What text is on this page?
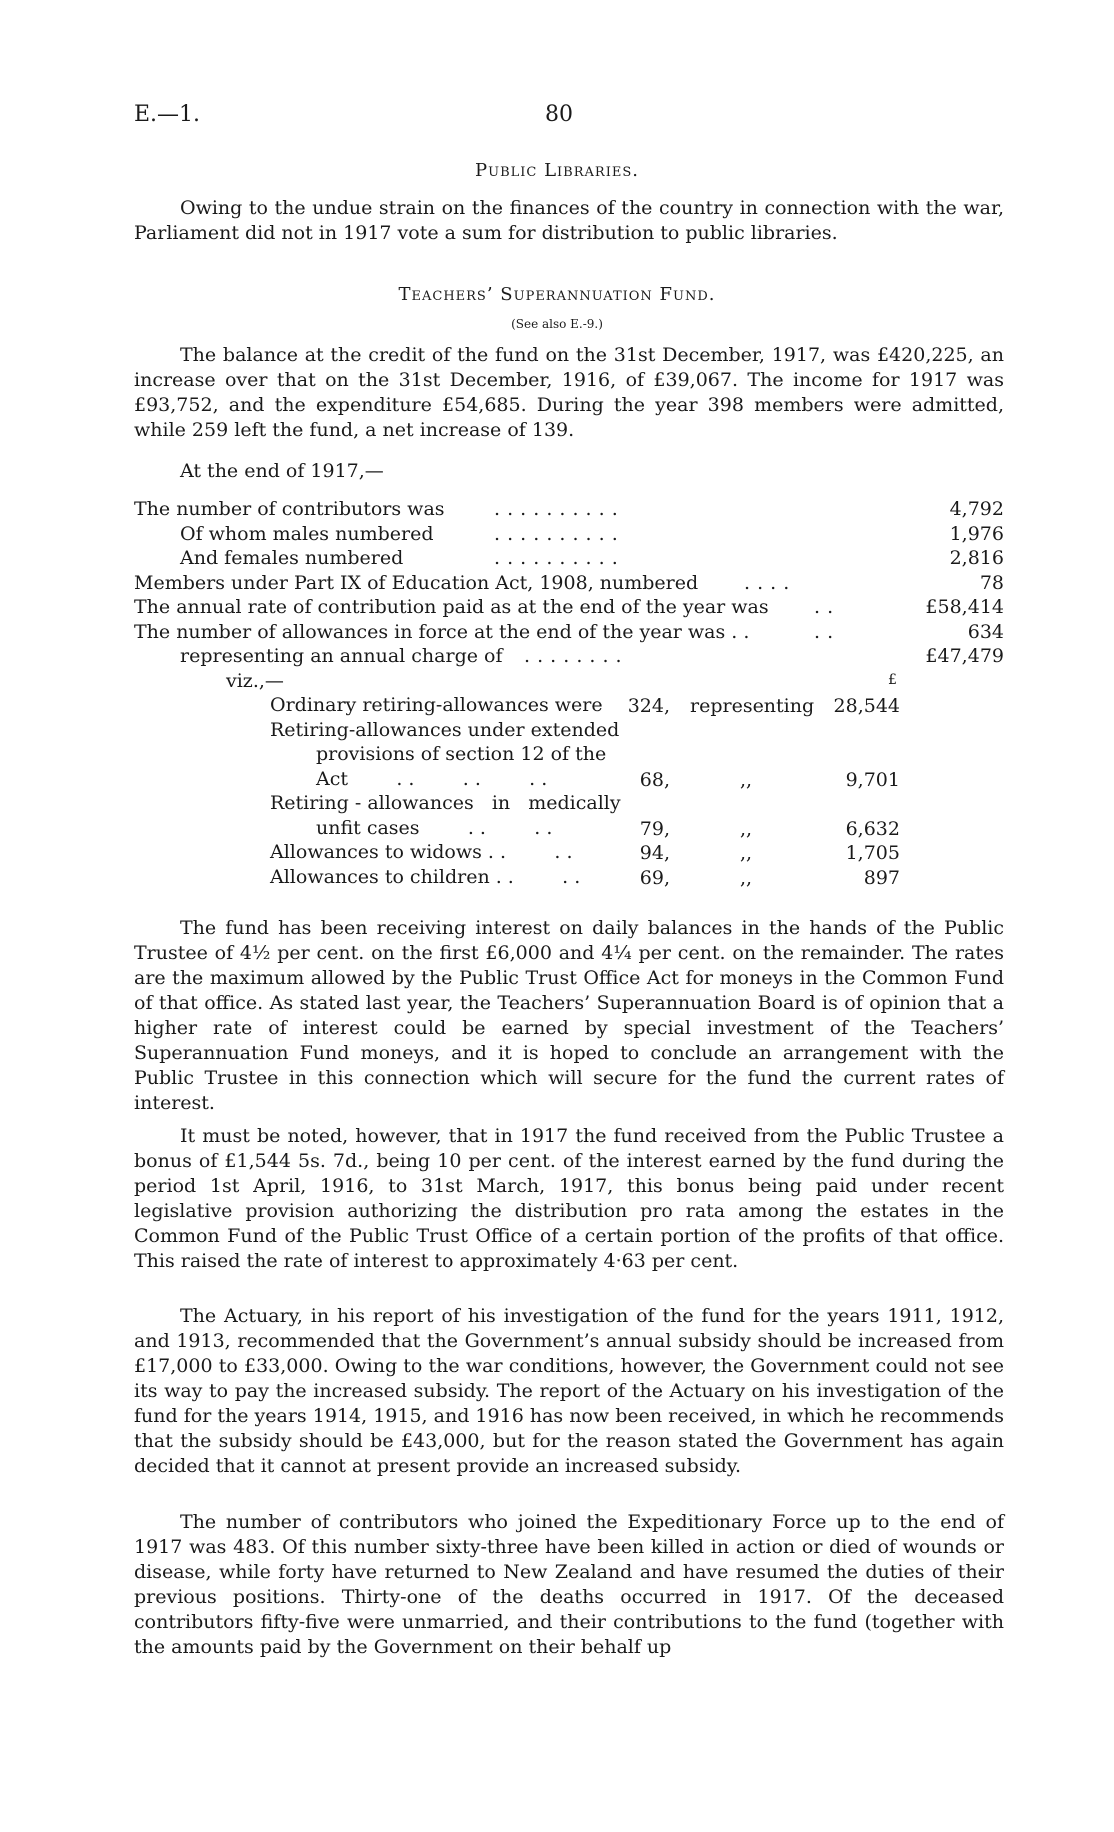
E.—1.	80
Public Libraries.
Owing to the undue strain on the finances of the country in connection with the war, Parliament did not in 1917 vote a sum for distribution to public libraries.
Teachers’ Superannuation Fund.
(See also E.-9.)
The balance at the credit of the fund on the 31st December, 1917, was £420,225, an increase over that on the 31st December, 1916, of £39,067. The income for 1917 was £93,752, and the expenditure £54,685. During the year 398 members were admitted, while 259 left the fund, a net increase of 139.
At the end of 1917,—
The number of contributors was	. . . . . . . . . .	4,792
Of whom males numbered	. . . . . . . . . .	1,976
And females numbered	. . . . . . . . . .	2,816
Members under Part IX of Education Act, 1908, numbered . . . .	78
The annual rate of contribution paid as at the end of the year was . .	£58,414
The number of allowances in force at the end of the year was . .	. .	634
representing an annual charge of . . . . . . . .	£47,479
viz.,—	£
Ordinary retiring-allowances were	324, representing 28,544
Retiring-allowances under extended
provisions of section 12 of the
Act        . .        . .        . .	68,	,,	9,701
Retiring - allowances   in   medically
unfit cases        . .        . .	79,	,,	6,632
Allowances to widows . .        . .	94,	,,	1,705
Allowances to children . .        . .	69,	,,	897
The fund has been receiving interest on daily balances in the hands of the Public Trustee of 4½ per cent. on the first £6,000 and 4¼ per cent. on the remainder. The rates are the maximum allowed by the Public Trust Office Act for moneys in the Common Fund of that office. As stated last year, the Teachers’ Superannuation Board is of opinion that a higher rate of interest could be earned by special investment of the Teachers’ Superannuation Fund moneys, and it is hoped to conclude an arrangement with the Public Trustee in this connection which will secure for the fund the current rates of interest.
It must be noted, however, that in 1917 the fund received from the Public Trustee a bonus of £1,544 5s. 7d., being 10 per cent. of the interest earned by the fund during the period 1st April, 1916, to 31st March, 1917, this bonus being paid under recent legislative provision authorizing the distribution pro rata among the estates in the Common Fund of the Public Trust Office of a certain portion of the profits of that office. This raised the rate of interest to approximately 4·63 per cent.
The Actuary, in his report of his investigation of the fund for the years 1911, 1912, and 1913, recommended that the Government’s annual subsidy should be increased from £17,000 to £33,000. Owing to the war conditions, however, the Government could not see its way to pay the increased subsidy. The report of the Actuary on his investigation of the fund for the years 1914, 1915, and 1916 has now been received, in which he recommends that the subsidy should be £43,000, but for the reason stated the Government has again decided that it cannot at present provide an increased subsidy.
The number of contributors who joined the Expeditionary Force up to the end of 1917 was 483. Of this number sixty-three have been killed in action or died of wounds or disease, while forty have returned to New Zealand and have resumed the duties of their previous positions. Thirty-one of the deaths occurred in 1917. Of the deceased contributors fifty-five were unmarried, and their contributions to the fund (together with the amounts paid by the Government on their behalf up
